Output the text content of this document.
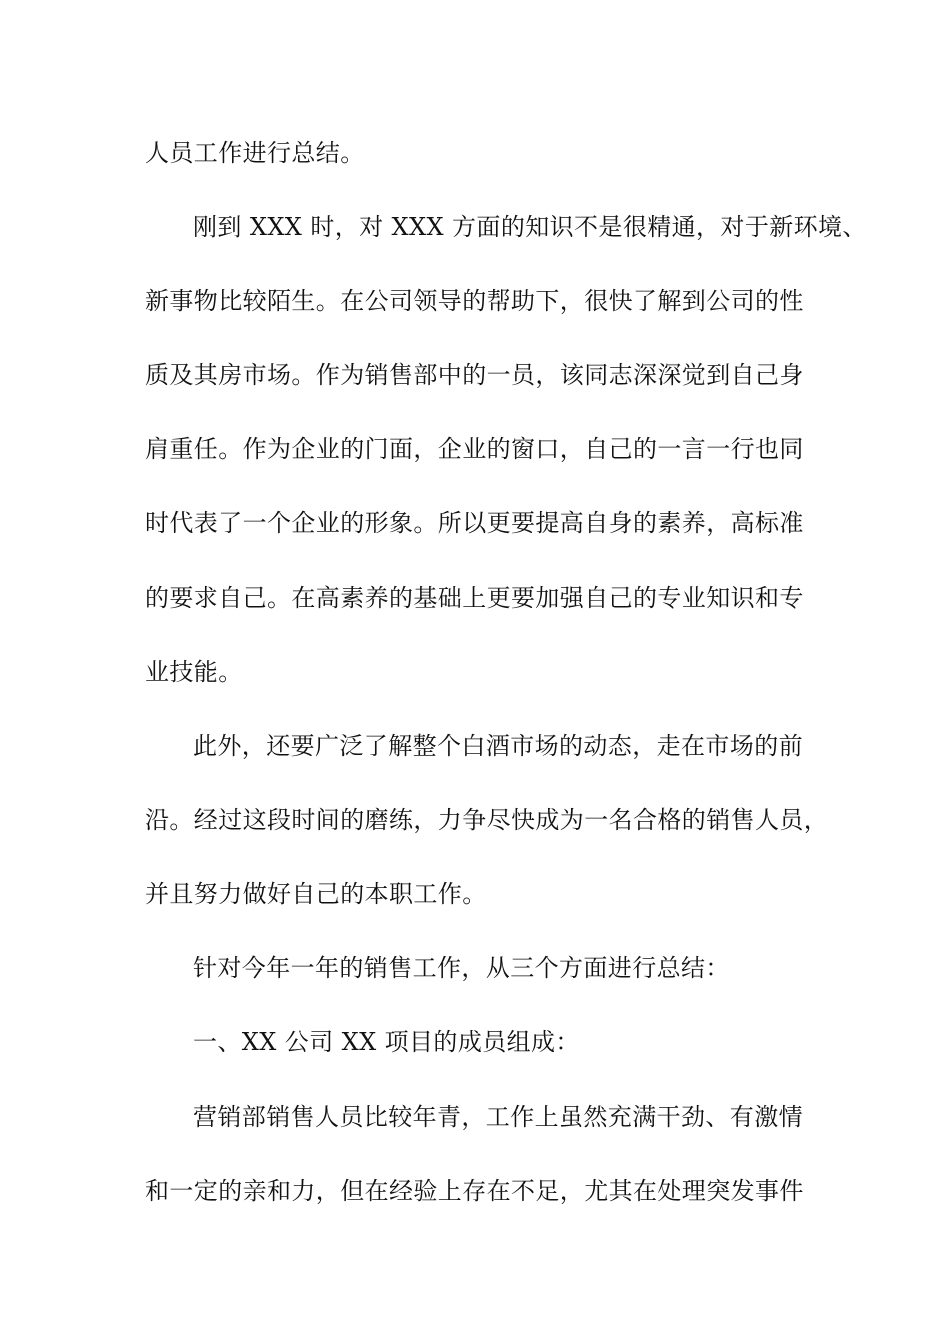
人员工作进行总结。
刚到 XXX 时，对 XXX 方面的知识不是很精通，对于新环境、
新事物比较陌生。在公司领导的帮助下，很快了解到公司的性
质及其房市场。作为销售部中的一员，该同志深深觉到自己身
肩重任。作为企业的门面，企业的窗口，自己的一言一行也同
时代表了一个企业的形象。所以更要提高自身的素养，高标准
的要求自己。在高素养的基础上更要加强自己的专业知识和专
业技能。
此外，还要广泛了解整个白酒市场的动态，走在市场的前
沿。经过这段时间的磨练，力争尽快成为一名合格的销售人员，
并且努力做好自己的本职工作。
针对今年一年的销售工作，从三个方面进行总结：
一、XX 公司 XX 项目的成员组成：
营销部销售人员比较年青，工作上虽然充满干劲、有激情
和一定的亲和力，但在经验上存在不足，尤其在处理突发事件
